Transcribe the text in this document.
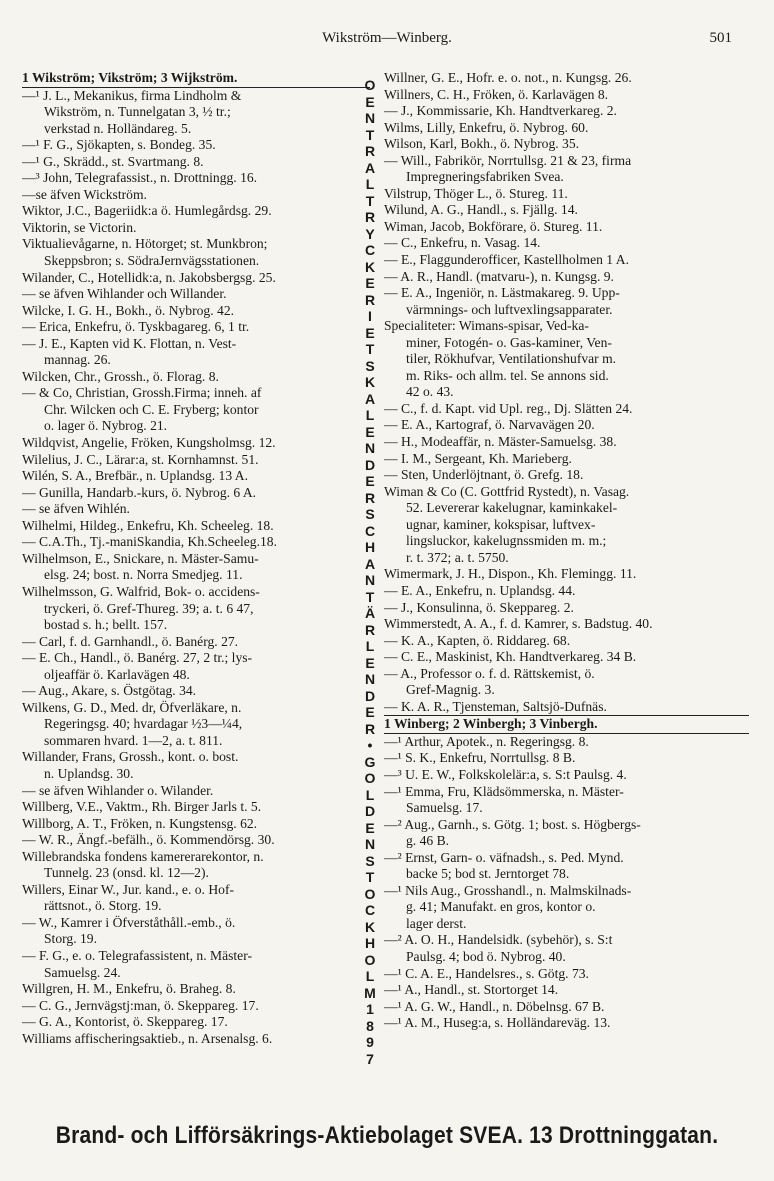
Wikström—Winberg.	501
1 Wikström; Vikström; 3 Wijkström.
—¹ J. L., Mekanikus, firma Lindholm &
Wikström, n. Tunnelgatan 3, ½ tr.;
verkstad n. Holländareg. 5.
—¹ F. G., Sjökapten, s. Bondeg. 35.
—¹ G., Skrädd., st. Svartmang. 8.
—³ John, Telegrafassist., n. Drottningg. 16.
—se äfven Wickström.
Wiktor, J.C., Bageriidk:a ö. Humlegårdsg. 29.
Viktorin, se Victorin.
Viktualievågarne, n. Hötorget; st. Munkbron;
Skeppsbron; s. SödraJernvägsstationen.
Wilander, C., Hotellidk:a, n. Jakobsbergsg. 25.
— se äfven Wihlander och Willander.
Wilcke, I. G. H., Bokh., ö. Nybrog. 42.
— Erica, Enkefru, ö. Tyskbagareg. 6, 1 tr.
— J. E., Kapten vid K. Flottan, n. Vest-
mannag. 26.
Wilcken, Chr., Grossh., ö. Florag. 8.
— & Co, Christian, Grossh.Firma; inneh. af
Chr. Wilcken och C. E. Fryberg; kontor
o. lager ö. Nybrog. 21.
Wildqvist, Angelie, Fröken, Kungsholmsg. 12.
Wilelius, J. C., Lärar:a, st. Kornhamnst. 51.
Wilén, S. A., Brefbär., n. Uplandsg. 13 A.
— Gunilla, Handarb.-kurs, ö. Nybrog. 6 A.
— se äfven Wihlén.
Wilhelmi, Hildeg., Enkefru, Kh. Scheeleg. 18.
— C.A.Th., Tj.-maniSkandia, Kh.Scheeleg.18.
Wilhelmson, E., Snickare, n. Mäster-Samu-
elsg. 24; bost. n. Norra Smedjeg. 11.
Wilhelmsson, G. Walfrid, Bok- o. accidens-
tryckeri, ö. Gref-Thureg. 39; a. t. 6 47,
bostad s. h.; bellt. 157.
— Carl, f. d. Garnhandl., ö. Banérg. 27.
— E. Ch., Handl., ö. Banérg. 27, 2 tr.; lys-
oljeaffär ö. Karlavägen 48.
— Aug., Akare, s. Östgötag. 34.
Wilkens, G. D., Med. dr, Öfverläkare, n.
Regeringsg. 40; hvardagar ½3—¼4,
sommaren hvard. 1—2, a. t. 811.
Willander, Frans, Grossh., kont. o. bost.
n. Uplandsg. 30.
— se äfven Wihlander o. Wilander.
Willberg, V.E., Vaktm., Rh. Birger Jarls t. 5.
Willborg, A. T., Fröken, n. Kungstensg. 62.
— W. R., Ängf.-befälh., ö. Kommendörsg. 30.
Willebrandska fondens kamererarekontor, n.
Tunnelg. 23 (onsd. kl. 12—2).
Willers, Einar W., Jur. kand., e. o. Hof-
rättsnot., ö. Storg. 19.
— W., Kamrer i Öfverståthåll.-emb., ö.
Storg. 19.
— F. G., e. o. Telegrafassistent, n. Mäster-
Samuelsg. 24.
Willgren, H. M., Enkefru, ö. Braheg. 8.
— C. G., Jernvägstj:man, ö. Skeppareg. 17.
— G. A., Kontorist, ö. Skeppareg. 17.
Williams affischeringsaktieb., n. Arsenalsg. 6.
O
E
N
T
R
A
L
T
R
Y
C
K
E
R
I
E
T
S
K
A
L
E
N
D
E
R
S
C
H
A
N
T
Ä
R
L
E
N
D
E
R
•
G
O
L
D
E
N
S
T
O
C
K
H
O
L
M
1
8
9
7
Willner, G. E., Hofr. e. o. not., n. Kungsg. 26.
Willners, C. H., Fröken, ö. Karlavägen 8.
— J., Kommissarie, Kh. Handtverkareg. 2.
Wilms, Lilly, Enkefru, ö. Nybrog. 60.
Wilson, Karl, Bokh., ö. Nybrog. 35.
— Will., Fabrikör, Norrtullsg. 21 & 23, firma
Impregneringsfabriken Svea.
Vilstrup, Thöger L., ö. Stureg. 11.
Wilund, A. G., Handl., s. Fjällg. 14.
Wiman, Jacob, Bokförare, ö. Stureg. 11.
— C., Enkefru, n. Vasag. 14.
— E., Flaggunderofficer, Kastellholmen 1 A.
— A. R., Handl. (matvaru-), n. Kungsg. 9.
— E. A., Ingeniör, n. Lästmakareg. 9. Upp-
värmnings- och luftvexlingsapparater.
Specialiteter: Wimans-spisar, Ved-ka-
miner, Fotogén- o. Gas-kaminer, Ven-
tiler, Rökhufvar, Ventilationshufvar m.
m. Riks- och allm. tel. Se annons sid.
42 o. 43.
— C., f. d. Kapt. vid Upl. reg., Dj. Slätten 24.
— E. A., Kartograf, ö. Narvavägen 20.
— H., Modeaffär, n. Mäster-Samuelsg. 38.
— I. M., Sergeant, Kh. Marieberg.
— Sten, Underlöjtnant, ö. Grefg. 18.
Wiman & Co (C. Gottfrid Rystedt), n. Vasag.
52. Levererar kakelugnar, kaminkakel-
ugnar, kaminer, kokspisar, luftvex-
lingsluckor, kakelugnssmiden m. m.;
r. t. 372; a. t. 5750.
Wimermark, J. H., Dispon., Kh. Flemingg. 11.
— E. A., Enkefru, n. Uplandsg. 44.
— J., Konsulinna, ö. Skeppareg. 2.
Wimmerstedt, A. A., f. d. Kamrer, s. Badstug. 40.
— K. A., Kapten, ö. Riddareg. 68.
— C. E., Maskinist, Kh. Handtverkareg. 34 B.
— A., Professor o. f. d. Rättskemist, ö.
Gref-Magnig. 3.
— K. A. R., Tjensteman, Saltsjö-Dufnäs.
1 Winberg; 2 Winbergh; 3 Vinbergh.
—¹ Arthur, Apotek., n. Regeringsg. 8.
—¹ S. K., Enkefru, Norrtullsg. 8 B.
—³ U. E. W., Folkskolelär:a, s. S:t Paulsg. 4.
—¹ Emma, Fru, Klädsömmerska, n. Mäster-
Samuelsg. 17.
—² Aug., Garnh., s. Götg. 1; bost. s. Högbergs-
g. 46 B.
—² Ernst, Garn- o. väfnadsh., s. Ped. Mynd.
backe 5; bod st. Jerntorget 78.
—¹ Nils Aug., Grosshandl., n. Malmskilnads-
g. 41; Manufakt. en gros, kontor o.
lager derst.
—² A. O. H., Handelsidk. (sybehör), s. S:t
Paulsg. 4; bod ö. Nybrog. 40.
—¹ C. A. E., Handelsres., s. Götg. 73.
—¹ A., Handl., st. Stortorget 14.
—¹ A. G. W., Handl., n. Döbelnsg. 67 B.
—¹ A. M., Huseg:a, s. Holländareväg. 13.
Brand- och Lifförsäkrings-Aktiebolaget SVEA. 13 Drottninggatan.
